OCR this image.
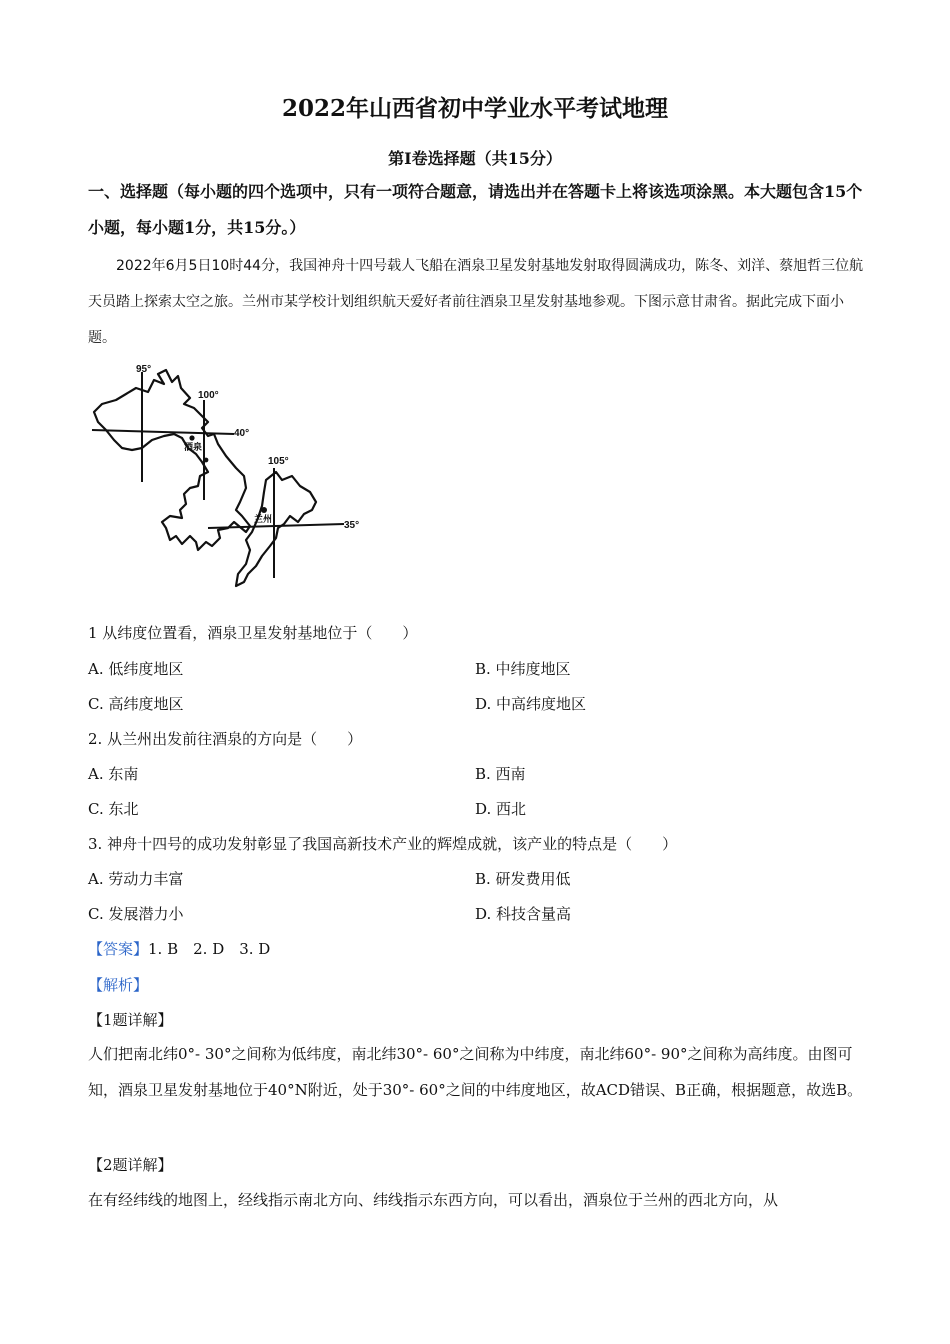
2022年山西省初中学业水平考试地理
第Ⅰ卷选择题（共15分）
一、选择题（每小题的四个选项中，只有一项符合题意，请选出并在答题卡上将该选项涂黑。本大题包含15个小题，每小题1分，共15分。）
2022年6月5日10时44分，我国神舟十四号载人飞船在酒泉卫星发射基地发射取得圆满成功，陈冬、刘洋、蔡旭哲三位航天员踏上探索太空之旅。兰州市某学校计划组织航天爱好者前往酒泉卫星发射基地参观。下图示意甘肃省。据此完成下面小题。
95°
100°
105°
40°
35°
酒泉
兰州
1 从纬度位置看，酒泉卫星发射基地位于（　　）
A. 低纬度地区	B. 中纬度地区
C. 高纬度地区	D. 中高纬度地区
2. 从兰州出发前往酒泉的方向是（　　）
A. 东南	B. 西南
C. 东北	D. 西北
3. 神舟十四号的成功发射彰显了我国高新技术产业的辉煌成就，该产业的特点是（　　）
A. 劳动力丰富	B. 研发费用低
C. 发展潜力小	D. 科技含量高
【答案】1. B　2. D　3. D
【解析】
【1题详解】
人们把南北纬0°- 30°之间称为低纬度，南北纬30°- 60°之间称为中纬度，南北纬60°- 90°之间称为高纬度。由图可知，酒泉卫星发射基地位于40°N附近，处于30°- 60°之间的中纬度地区，故ACD错误、B正确，根据题意，故选B。
【2题详解】
在有经纬线的地图上，经线指示南北方向、纬线指示东西方向，可以看出，酒泉位于兰州的西北方向，从
